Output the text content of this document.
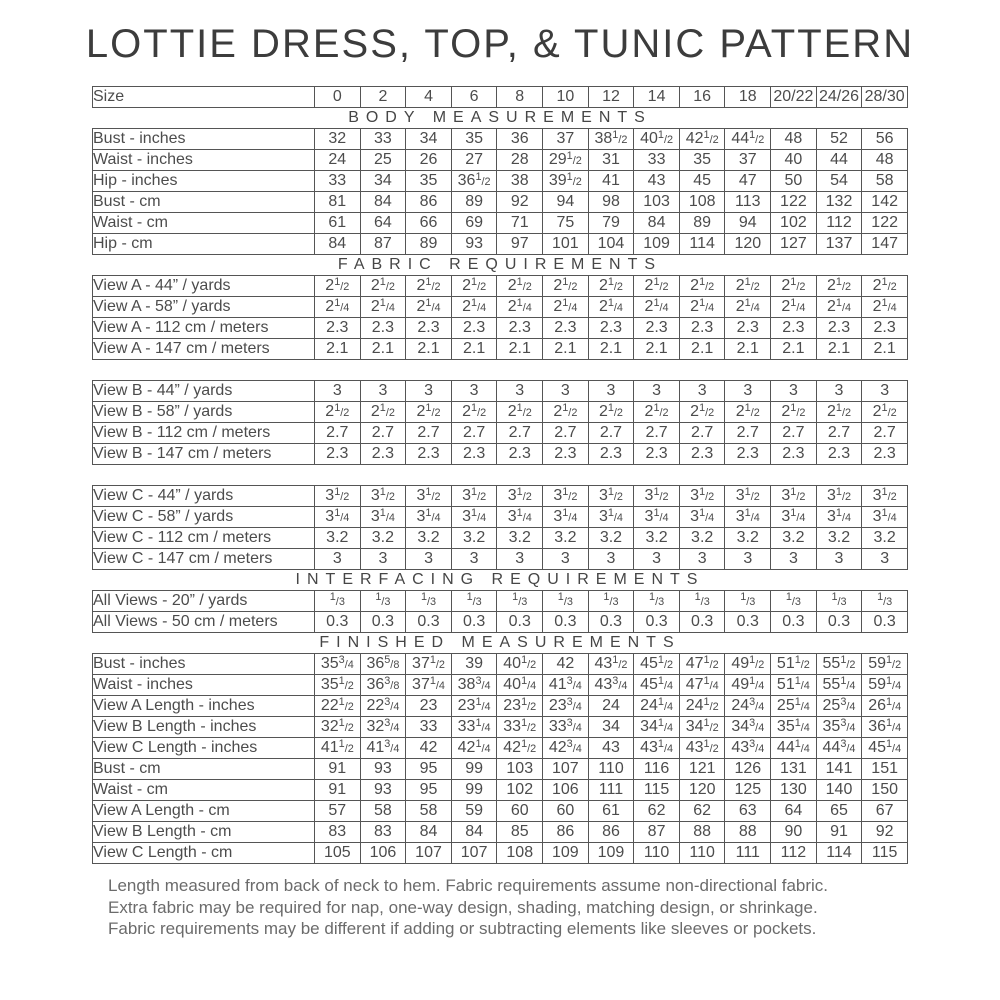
LOTTIE DRESS, TOP, & TUNIC PATTERN
Size	0	2	4	6	8	10	12	14	16	18	20/22	24/26	28/30
BODY MEASUREMENTS
Bust - inches	32	33	34	35	36	37	$38^1/2$	$40^1/2$	$42^1/2$	$44^1/2$	48	52	56
Waist - inches	24	25	26	27	28	$29^1/2$	31	33	35	37	40	44	48
Hip - inches	33	34	35	$36^1/2$	38	$39^1/2$	41	43	45	47	50	54	58
Bust - cm	81	84	86	89	92	94	98	103	108	113	122	132	142
Waist - cm	61	64	66	69	71	75	79	84	89	94	102	112	122
Hip - cm	84	87	89	93	97	101	104	109	114	120	127	137	147
FABRIC REQUIREMENTS
View A - 44” / yards	$2^1/2$	$2^1/2$	$2^1/2$	$2^1/2$	$2^1/2$	$2^1/2$	$2^1/2$	$2^1/2$	$2^1/2$	$2^1/2$	$2^1/2$	$2^1/2$	$2^1/2$
View A - 58” / yards	$2^1/4$	$2^1/4$	$2^1/4$	$2^1/4$	$2^1/4$	$2^1/4$	$2^1/4$	$2^1/4$	$2^1/4$	$2^1/4$	$2^1/4$	$2^1/4$	$2^1/4$
View A - 112 cm / meters	2.3	2.3	2.3	2.3	2.3	2.3	2.3	2.3	2.3	2.3	2.3	2.3	2.3
View A - 147 cm / meters	2.1	2.1	2.1	2.1	2.1	2.1	2.1	2.1	2.1	2.1	2.1	2.1	2.1
View B - 44” / yards	3	3	3	3	3	3	3	3	3	3	3	3	3
View B - 58” / yards	$2^1/2$	$2^1/2$	$2^1/2$	$2^1/2$	$2^1/2$	$2^1/2$	$2^1/2$	$2^1/2$	$2^1/2$	$2^1/2$	$2^1/2$	$2^1/2$	$2^1/2$
View B - 112 cm / meters	2.7	2.7	2.7	2.7	2.7	2.7	2.7	2.7	2.7	2.7	2.7	2.7	2.7
View B - 147 cm / meters	2.3	2.3	2.3	2.3	2.3	2.3	2.3	2.3	2.3	2.3	2.3	2.3	2.3
View C - 44” / yards	$3^1/2$	$3^1/2$	$3^1/2$	$3^1/2$	$3^1/2$	$3^1/2$	$3^1/2$	$3^1/2$	$3^1/2$	$3^1/2$	$3^1/2$	$3^1/2$	$3^1/2$
View C - 58” / yards	$3^1/4$	$3^1/4$	$3^1/4$	$3^1/4$	$3^1/4$	$3^1/4$	$3^1/4$	$3^1/4$	$3^1/4$	$3^1/4$	$3^1/4$	$3^1/4$	$3^1/4$
View C - 112 cm / meters	3.2	3.2	3.2	3.2	3.2	3.2	3.2	3.2	3.2	3.2	3.2	3.2	3.2
View C - 147 cm / meters	3	3	3	3	3	3	3	3	3	3	3	3	3
INTERFACING REQUIREMENTS
All Views - 20” / yards	$^1$/3	$^1$/3	$^1$/3	$^1$/3	$^1$/3	$^1$/3	$^1$/3	$^1$/3	$^1$/3	$^1$/3	$^1$/3	$^1$/3	$^1$/3
All Views - 50 cm / meters	0.3	0.3	0.3	0.3	0.3	0.3	0.3	0.3	0.3	0.3	0.3	0.3	0.3
FINISHED MEASUREMENTS
Bust - inches	$35^3/4$	$36^5/8$	$37^1/2$	39	$40^1/2$	42	$43^1/2$	$45^1/2$	$47^1/2$	$49^1/2$	$51^1/2$	$55^1/2$	$59^1/2$
Waist - inches	$35^1/2$	$36^3/8$	$37^1/4$	$38^3/4$	$40^1/4$	$41^3/4$	$43^3/4$	$45^1/4$	$47^1/4$	$49^1/4$	$51^1/4$	$55^1/4$	$59^1/4$
View A Length - inches	$22^1/2$	$22^3/4$	23	$23^1/4$	$23^1/2$	$23^3/4$	24	$24^1/4$	$24^1/2$	$24^3/4$	$25^1/4$	$25^3/4$	$26^1/4$
View B Length - inches	$32^1/2$	$32^3/4$	33	$33^1/4$	$33^1/2$	$33^3/4$	34	$34^1/4$	$34^1/2$	$34^3/4$	$35^1/4$	$35^3/4$	$36^1/4$
View C Length - inches	$41^1/2$	$41^3/4$	42	$42^1/4$	$42^1/2$	$42^3/4$	43	$43^1/4$	$43^1/2$	$43^3/4$	$44^1/4$	$44^3/4$	$45^1/4$
Bust - cm	91	93	95	99	103	107	110	116	121	126	131	141	151
Waist - cm	91	93	95	99	102	106	111	115	120	125	130	140	150
View A Length - cm	57	58	58	59	60	60	61	62	62	63	64	65	67
View B Length - cm	83	83	84	84	85	86	86	87	88	88	90	91	92
View C Length - cm	105	106	107	107	108	109	109	110	110	111	112	114	115
Length measured from back of neck to hem. Fabric requirements assume non-directional fabric.
Extra fabric may be required for nap, one-way design, shading, matching design, or shrinkage.
Fabric requirements may be different if adding or subtracting elements like sleeves or pockets.
